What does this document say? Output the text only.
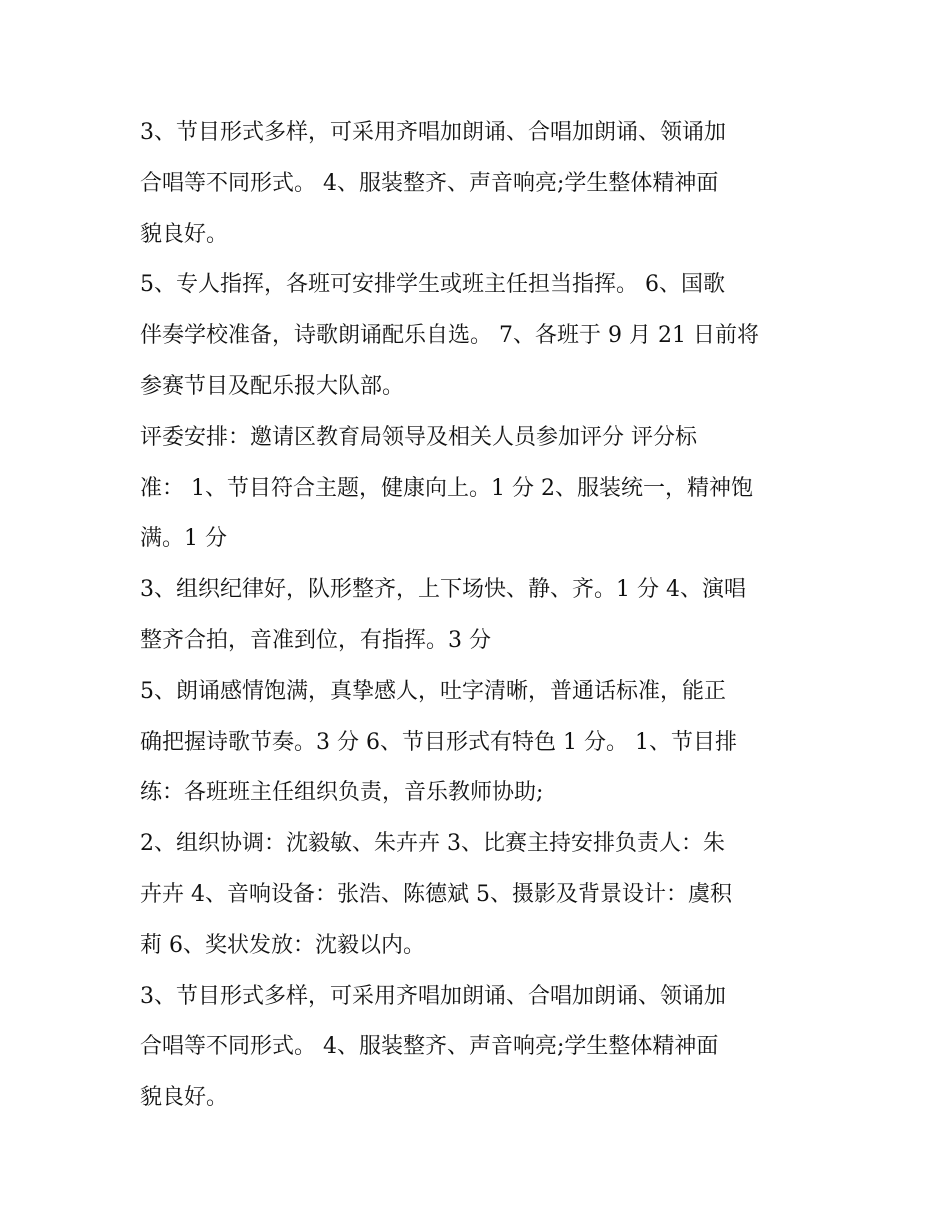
3、节目形式多样，可采用齐唱加朗诵、合唱加朗诵、领诵加
合唱等不同形式。 4、服装整齐、声音响亮;学生整体精神面
貌良好。

5、专人指挥，各班可安排学生或班主任担当指挥。 6、国歌
伴奏学校准备，诗歌朗诵配乐自选。 7、各班于 9 月 21 日前将
参赛节目及配乐报大队部。

评委安排：邀请区教育局领导及相关人员参加评分 评分标
准： 1、节目符合主题，健康向上。1 分 2、服装统一，精神饱
满。1 分

3、组织纪律好，队形整齐，上下场快、静、齐。1 分 4、演唱
整齐合拍，音准到位，有指挥。3 分

5、朗诵感情饱满，真挚感人，吐字清晰，普通话标准，能正
确把握诗歌节奏。3 分 6、节目形式有特色 1 分。 1、节目排
练：各班班主任组织负责，音乐教师协助;

2、组织协调：沈毅敏、朱卉卉 3、比赛主持安排负责人：朱
卉卉 4、音响设备：张浩、陈德斌 5、摄影及背景设计：虞积
莉 6、奖状发放：沈毅以内。

3、节目形式多样，可采用齐唱加朗诵、合唱加朗诵、领诵加
合唱等不同形式。 4、服装整齐、声音响亮;学生整体精神面
貌良好。
